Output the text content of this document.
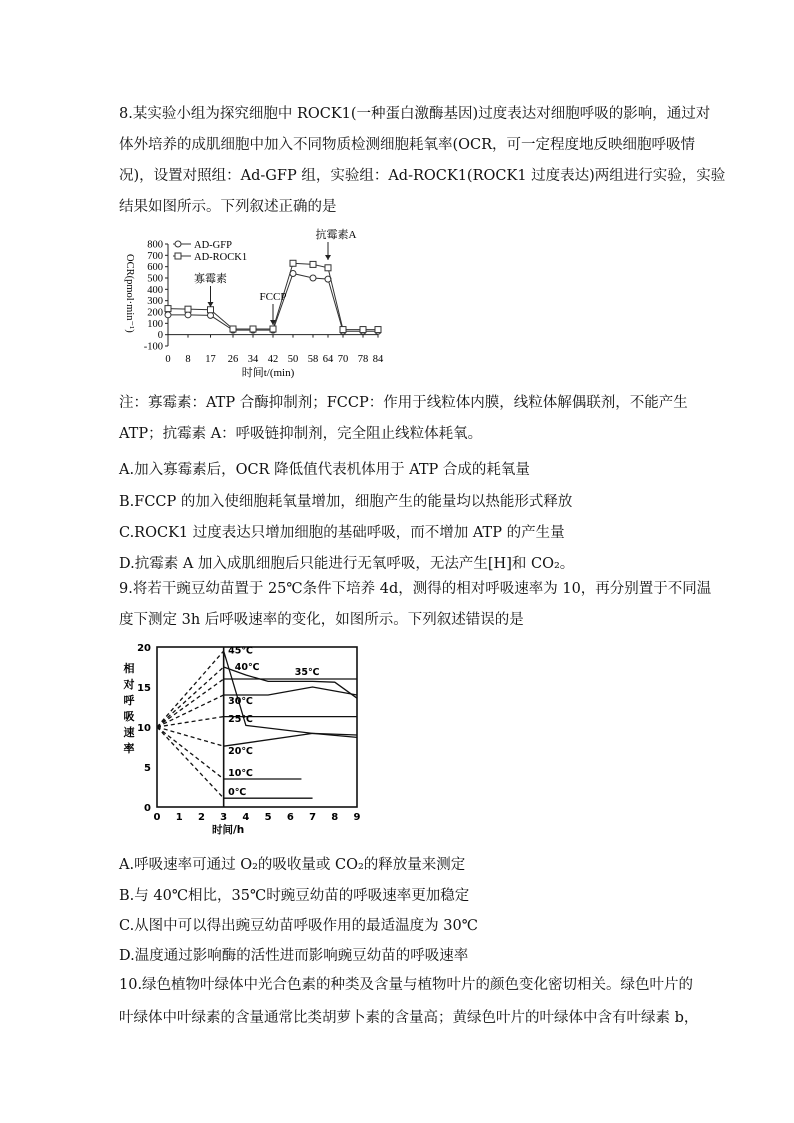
8.某实验小组为探究细胞中 ROCK1(一种蛋白激酶基因)过度表达对细胞呼吸的影响，通过对
体外培养的成肌细胞中加入不同物质检测细胞耗氧率(OCR，可一定程度地反映细胞呼吸情
况)，设置对照组：Ad-GFP 组，实验组：Ad-ROCK1(ROCK1 过度表达)两组进行实验，实验
结果如图所示。下列叙述正确的是
-100
0
100
200
300
400
500
600
700
800
0 8 17 26 34 42 50 58 64 70 78 84
时间t/(min)
OCR(pmol·min⁻¹)
AD-GFP
AD-ROCK1
寡霉素
FCCP
抗霉素A
注：寡霉素：ATP 合酶抑制剂；FCCP：作用于线粒体内膜，线粒体解偶联剂，不能产生
ATP；抗霉素 A：呼吸链抑制剂，完全阻止线粒体耗氧。
A.加入寡霉素后，OCR 降低值代表机体用于 ATP 合成的耗氧量
B.FCCP 的加入使细胞耗氧量增加，细胞产生的能量均以热能形式释放
C.ROCK1 过度表达只增加细胞的基础呼吸，而不增加 ATP 的产生量
D.抗霉素 A 加入成肌细胞后只能进行无氧呼吸，无法产生[H]和 CO₂。
9.将若干豌豆幼苗置于 25℃条件下培养 4d，测得的相对呼吸速率为 10，再分别置于不同温
度下测定 3h 后呼吸速率的变化，如图所示。下列叙述错误的是
0
5
10
15
20
0 1 2 3 4 5 6 7 8 9
时间/h
相
对
呼
吸
速
率
45℃
40℃	35℃
30℃
25℃
20℃
10℃
0℃
A.呼吸速率可通过 O₂的吸收量或 CO₂的释放量来测定
B.与 40℃相比，35℃时豌豆幼苗的呼吸速率更加稳定
C.从图中可以得出豌豆幼苗呼吸作用的最适温度为 30℃
D.温度通过影响酶的活性进而影响豌豆幼苗的呼吸速率
10.绿色植物叶绿体中光合色素的种类及含量与植物叶片的颜色变化密切相关。绿色叶片的
叶绿体中叶绿素的含量通常比类胡萝卜素的含量高；黄绿色叶片的叶绿体中含有叶绿素 b，
